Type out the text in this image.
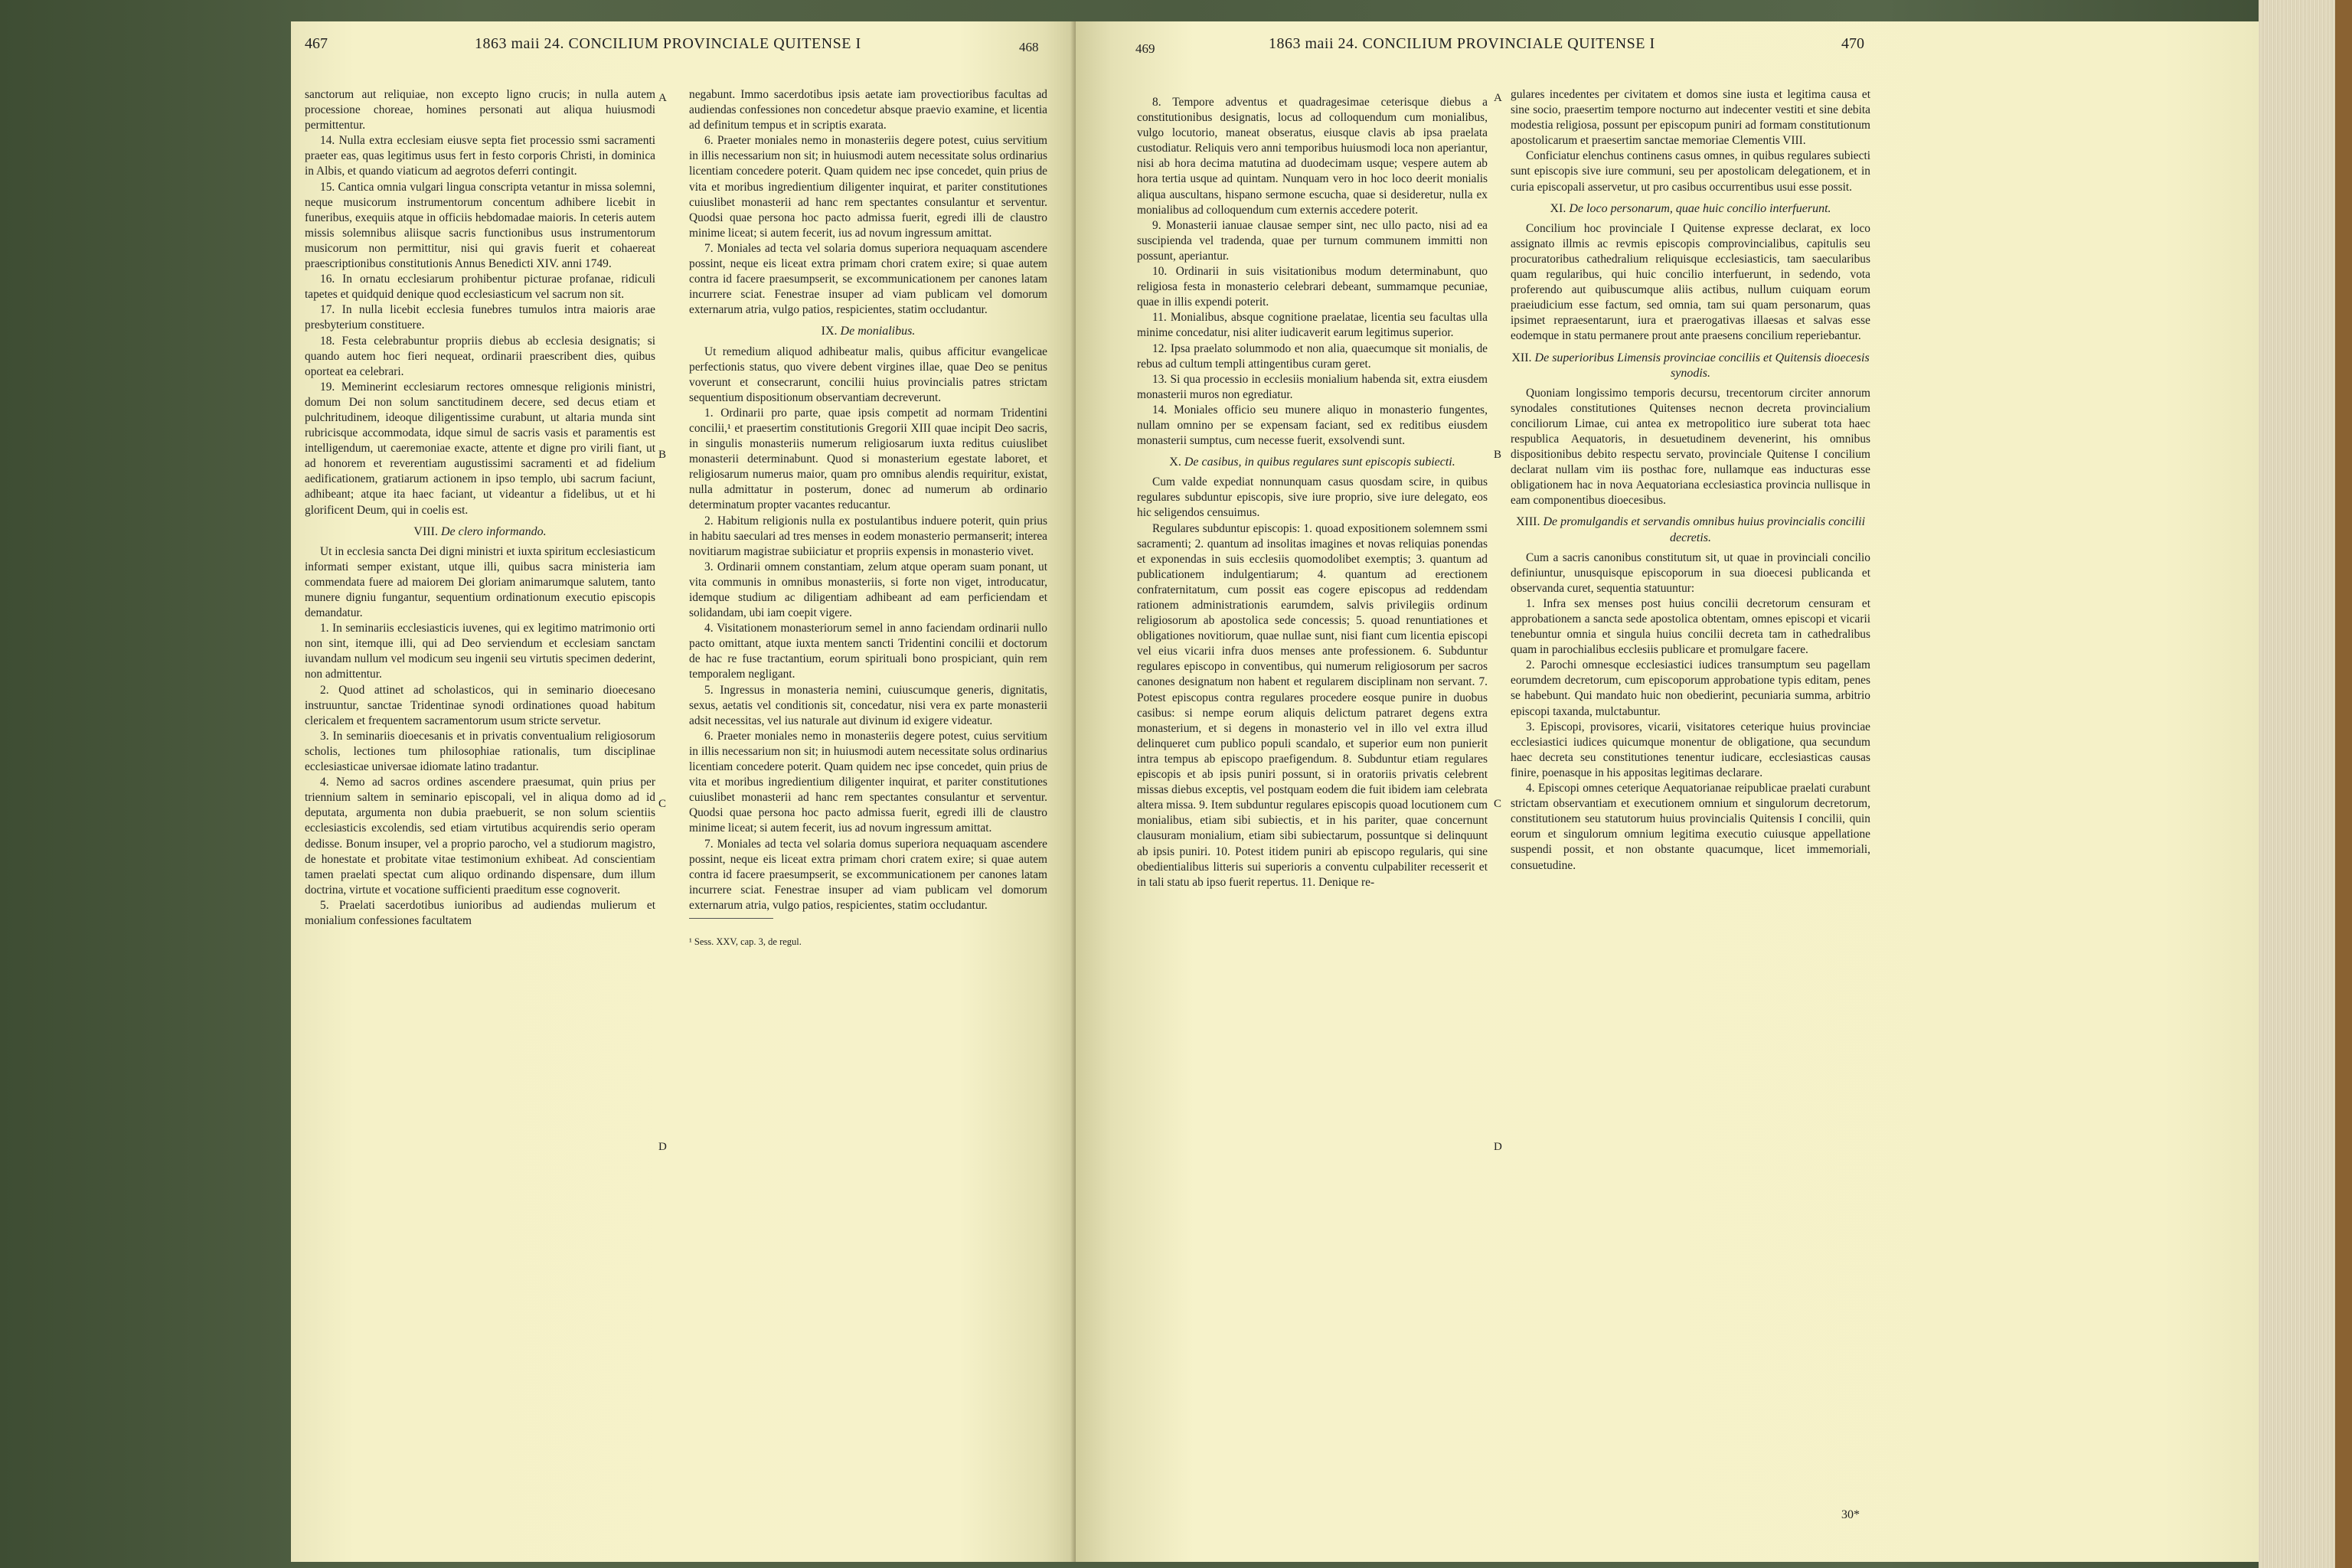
467	1863 maii 24. CONCILIUM PROVINCIALE QUITENSE I	468

sanctorum aut reliquiae, non excepto ligno crucis; in nulla autem processione choreae, homines personati aut aliqua huiusmodi permittentur.

14. Nulla extra ecclesiam eiusve septa fiet processio ssmi sacramenti praeter eas, quas legitimus usus fert in festo corporis Christi, in dominica in Albis, et quando viaticum ad aegrotos deferri contingit.

15. Cantica omnia vulgari lingua conscripta vetantur in missa solemni, neque musicorum instrumentorum concentum adhibere licebit in funeribus, exequiis atque in officiis hebdomadae maioris. In ceteris autem missis solemnibus aliisque sacris functionibus usus instrumentorum musicorum non permittitur, nisi qui gravis fuerit et cohaereat praescriptionibus constitutionis Annus Benedicti XIV. anni 1749.

16. In ornatu ecclesiarum prohibentur picturae profanae, ridiculi tapetes et quidquid denique quod ecclesiasticum vel sacrum non sit.

17. In nulla licebit ecclesia funebres tumulos intra maioris arae presbyterium constituere.

18. Festa celebrabuntur propriis diebus ab ecclesia designatis; si quando autem hoc fieri nequeat, ordinarii praescribent dies, quibus oporteat ea celebrari.

19. Meminerint ecclesiarum rectores omnesque religionis ministri, domum Dei non solum sanctitudinem decere, sed decus etiam et pulchritudinem, ideoque diligentissime curabunt, ut altaria munda sint rubricisque accommodata, idque simul de sacris vasis et paramentis est intelligendum, ut caeremoniae exacte, attente et digne pro virili fiant, ut ad honorem et reverentiam augustissimi sacramenti et ad fidelium aedificationem, gratiarum actionem in ipso templo, ubi sacrum faciunt, adhibeant; atque ita haec faciant, ut videantur a fidelibus, ut et hi glorificent Deum, qui in coelis est.

VIII. De clero informando.

Ut in ecclesia sancta Dei digni ministri et iuxta spiritum ecclesiasticum informati semper existant, utque illi, quibus sacra ministeria iam commendata fuere ad maiorem Dei gloriam animarumque salutem, tanto munere digniu fungantur, sequentium ordinationum executio episcopis demandatur.

1. In seminariis ecclesiasticis iuvenes, qui ex legitimo matrimonio orti non sint, itemque illi, qui ad Deo serviendum et ecclesiam sanctam iuvandam nullum vel modicum seu ingenii seu virtutis specimen dederint, non admittentur.

2. Quod attinet ad scholasticos, qui in seminario dioecesano instruuntur, sanctae Tridentinae synodi ordinationes quoad habitum clericalem et frequentem sacramentorum usum stricte servetur.

3. In seminariis dioecesanis et in privatis conventualium religiosorum scholis, lectiones tum philosophiae rationalis, tum disciplinae ecclesiasticae universae idiomate latino tradantur.

4. Nemo ad sacros ordines ascendere praesumat, quin prius per triennium saltem in seminario episcopali, vel in aliqua domo ad id deputata, argumenta non dubia praebuerit, se non solum scientiis ecclesiasticis excolendis, sed etiam virtutibus acquirendis serio operam dedisse. Bonum insuper, vel a proprio parocho, vel a studiorum magistro, de honestate et probitate vitae testimonium exhibeat. Ad conscientiam tamen praelati spectat cum aliquo ordinando dispensare, dum illum doctrina, virtute et vocatione sufficienti praeditum esse cognoverit.

5. Praelati sacerdotibus iunioribus ad audiendas mulierum et monialium confessiones facultatem

A
B
C
D

negabunt. Immo sacerdotibus ipsis aetate iam provectioribus facultas ad audiendas confessiones non concedetur absque praevio examine, et licentia ad definitum tempus et in scriptis exarata.

6. Praeter moniales nemo in monasteriis degere potest, cuius servitium in illis necessarium non sit; in huiusmodi autem necessitate solus ordinarius licentiam concedere poterit. Quam quidem nec ipse concedet, quin prius de vita et moribus ingredientium diligenter inquirat, et pariter constitutiones cuiuslibet monasterii ad hanc rem spectantes consulantur et serventur. Quodsi quae persona hoc pacto admissa fuerit, egredi illi de claustro minime liceat; si autem fecerit, ius ad novum ingressum amittat.

7. Moniales ad tecta vel solaria domus superiora nequaquam ascendere possint, neque eis liceat extra primam chori cratem exire; si quae autem contra id facere praesumpserit, se excommunicationem per canones latam incurrere sciat. Fenestrae insuper ad viam publicam vel domorum externarum atria, vulgo patios, respicientes, statim occludantur.

IX. De monialibus.

Ut remedium aliquod adhibeatur malis, quibus afficitur evangelicae perfectionis status, quo vivere debent virgines illae, quae Deo se penitus voverunt et consecrarunt, concilii huius provincialis patres strictam sequentium dispositionum observantiam decreverunt.

1. Ordinarii pro parte, quae ipsis competit ad normam Tridentini concilii,¹ et praesertim constitutionis Gregorii XIII quae incipit Deo sacris, in singulis monasteriis numerum religiosarum iuxta reditus cuiuslibet monasterii determinabunt. Quod si monasterium egestate laboret, et religiosarum numerus maior, quam pro omnibus alendis requiritur, existat, nulla admittatur in posterum, donec ad numerum ab ordinario determinatum propter vacantes reducantur.

2. Habitum religionis nulla ex postulantibus induere poterit, quin prius in habitu saeculari ad tres menses in eodem monasterio permanserit; interea novitiarum magistrae subiiciatur et propriis expensis in monasterio vivet.

3. Ordinarii omnem constantiam, zelum atque operam suam ponant, ut vita communis in omnibus monasteriis, si forte non viget, introducatur, idemque studium ac diligentiam adhibeant ad eam perficiendam et solidandam, ubi iam coepit vigere.

4. Visitationem monasteriorum semel in anno faciendam ordinarii nullo pacto omittant, atque iuxta mentem sancti Tridentini concilii et doctorum de hac re fuse tractantium, eorum spirituali bono prospiciant, quin rem temporalem negligant.

5. Ingressus in monasteria nemini, cuiuscumque generis, dignitatis, sexus, aetatis vel conditionis sit, concedatur, nisi vera ex parte monasterii adsit necessitas, vel ius naturale aut divinum id exigere videatur.

6. Praeter moniales nemo in monasteriis degere potest, cuius servitium in illis necessarium non sit; in huiusmodi autem necessitate solus ordinarius licentiam concedere poterit. Quam quidem nec ipse concedet, quin prius de vita et moribus ingredientium diligenter inquirat, et pariter constitutiones cuiuslibet monasterii ad hanc rem spectantes consulantur et serventur. Quodsi quae persona hoc pacto admissa fuerit, egredi illi de claustro minime liceat; si autem fecerit, ius ad novum ingressum amittat.

7. Moniales ad tecta vel solaria domus superiora nequaquam ascendere possint, neque eis liceat extra primam chori cratem exire; si quae autem contra id facere praesumpserit, se excommunicationem per canones latam incurrere sciat. Fenestrae insuper ad viam publicam vel domorum externarum atria, vulgo patios, respicientes, statim occludantur.

¹ Sess. XXV, cap. 3, de regul.

469	1863 maii 24. CONCILIUM PROVINCIALE QUITENSE I	470

8. Tempore adventus et quadragesimae ceterisque diebus a constitutionibus designatis, locus ad colloquendum cum monialibus, vulgo locutorio, maneat obseratus, eiusque clavis ab ipsa praelata custodiatur. Reliquis vero anni temporibus huiusmodi loca non aperiantur, nisi ab hora decima matutina ad duodecimam usque; vespere autem ab hora tertia usque ad quintam. Nunquam vero in hoc loco deerit monialis aliqua auscultans, hispano sermone escucha, quae si desideretur, nulla ex monialibus ad colloquendum cum externis accedere poterit.

9. Monasterii ianuae clausae semper sint, nec ullo pacto, nisi ad ea suscipienda vel tradenda, quae per turnum communem immitti non possunt, aperiantur.

10. Ordinarii in suis visitationibus modum determinabunt, quo religiosa festa in monasterio celebrari debeant, summamque pecuniae, quae in illis expendi poterit.

11. Monialibus, absque cognitione praelatae, licentia seu facultas ulla minime concedatur, nisi aliter iudicaverit earum legitimus superior.

12. Ipsa praelato solummodo et non alia, quaecumque sit monialis, de rebus ad cultum templi attingentibus curam geret.

13. Si qua processio in ecclesiis monialium habenda sit, extra eiusdem monasterii muros non egrediatur.

14. Moniales officio seu munere aliquo in monasterio fungentes, nullam omnino per se expensam faciant, sed ex reditibus eiusdem monasterii sumptus, cum necesse fuerit, exsolvendi sunt.

X. De casibus, in quibus regulares sunt episcopis subiecti.

Cum valde expediat nonnunquam casus quosdam scire, in quibus regulares subduntur episcopis, sive iure proprio, sive iure delegato, eos hic seligendos censuimus.

Regulares subduntur episcopis: 1. quoad expositionem solemnem ssmi sacramenti; 2. quantum ad insolitas imagines et novas reliquias ponendas et exponendas in suis ecclesiis quomodolibet exemptis; 3. quantum ad publicationem indulgentiarum; 4. quantum ad erectionem confraternitatum, cum possit eas cogere episcopus ad reddendam rationem administrationis earumdem, salvis privilegiis ordinum religiosorum ab apostolica sede concessis; 5. quoad renuntiationes et obligationes novitiorum, quae nullae sunt, nisi fiant cum licentia episcopi vel eius vicarii infra duos menses ante professionem. 6. Subduntur regulares episcopo in conventibus, qui numerum religiosorum per sacros canones designatum non habent et regularem disciplinam non servant. 7. Potest episcopus contra regulares procedere eosque punire in duobus casibus: si nempe eorum aliquis delictum patraret degens extra monasterium, et si degens in monasterio vel in illo vel extra illud delinqueret cum publico populi scandalo, et superior eum non punierit intra tempus ab episcopo praefigendum. 8. Subduntur etiam regulares episcopis et ab ipsis puniri possunt, si in oratoriis privatis celebrent missas diebus exceptis, vel postquam eodem die fuit ibidem iam celebrata altera missa. 9. Item subduntur regulares episcopis quoad locutionem cum monialibus, etiam sibi subiectis, et in his pariter, quae concernunt clausuram monialium, etiam sibi subiectarum, possuntque si delinquunt ab ipsis puniri. 10. Potest itidem puniri ab episcopo regularis, qui sine obedientialibus litteris sui superioris a conventu culpabiliter recesserit et in tali statu ab ipso fuerit repertus. 11. Denique re-

A
B
C
D

gulares incedentes per civitatem et domos sine iusta et legitima causa et sine socio, praesertim tempore nocturno aut indecenter vestiti et sine debita modestia religiosa, possunt per episcopum puniri ad formam constitutionum apostolicarum et praesertim sanctae memoriae Clementis VIII.

Conficiatur elenchus continens casus omnes, in quibus regulares subiecti sunt episcopis sive iure communi, seu per apostolicam delegationem, et in curia episcopali asservetur, ut pro casibus occurrentibus usui esse possit.

XI. De loco personarum, quae huic concilio interfuerunt.

Concilium hoc provinciale I Quitense expresse declarat, ex loco assignato illmis ac revmis episcopis comprovincialibus, capitulis seu procuratoribus cathedralium reliquisque ecclesiasticis, tam saecularibus quam regularibus, qui huic concilio interfuerunt, in sedendo, vota proferendo aut quibuscumque aliis actibus, nullum cuiquam eorum praeiudicium esse factum, sed omnia, tam sui quam personarum, quas ipsimet repraesentarunt, iura et praerogativas illaesas et salvas esse eodemque in statu permanere prout ante praesens concilium reperiebantur.

XII. De superioribus Limensis provinciae conciliis et Quitensis dioecesis synodis.

Quoniam longissimo temporis decursu, trecentorum circiter annorum synodales constitutiones Quitenses necnon decreta provincialium conciliorum Limae, cui antea ex metropolitico iure suberat tota haec respublica Aequatoris, in desuetudinem devenerint, his omnibus dispositionibus debito respectu servato, provinciale Quitense I concilium declarat nullam vim iis posthac fore, nullamque eas inducturas esse obligationem hac in nova Aequatoriana ecclesiastica provincia nullisque in eam componentibus dioecesibus.

XIII. De promulgandis et servandis omnibus huius provincialis concilii decretis.

Cum a sacris canonibus constitutum sit, ut quae in provinciali concilio definiuntur, unusquisque episcoporum in sua dioecesi publicanda et observanda curet, sequentia statuuntur:

1. Infra sex menses post huius concilii decretorum censuram et approbationem a sancta sede apostolica obtentam, omnes episcopi et vicarii tenebuntur omnia et singula huius concilii decreta tam in cathedralibus quam in parochialibus ecclesiis publicare et promulgare facere.

2. Parochi omnesque ecclesiastici iudices transumptum seu pagellam eorumdem decretorum, cum episcoporum approbatione typis editam, penes se habebunt. Qui mandato huic non obedierint, pecuniaria summa, arbitrio episcopi taxanda, mulctabuntur.

3. Episcopi, provisores, vicarii, visitatores ceterique huius provinciae ecclesiastici iudices quicumque monentur de obligatione, qua secundum haec decreta seu constitutiones tenentur iudicare, ecclesiasticas causas finire, poenasque in his appositas legitimas declarare.

4. Episcopi omnes ceterique Aequatorianae reipublicae praelati curabunt strictam observantiam et executionem omnium et singulorum decretorum, constitutionem seu statutorum huius provincialis Quitensis I concilii, quin eorum et singulorum omnium legitima executio cuiusque appellatione suspendi possit, et non obstante quacumque, licet immemoriali, consuetudine.

30*
